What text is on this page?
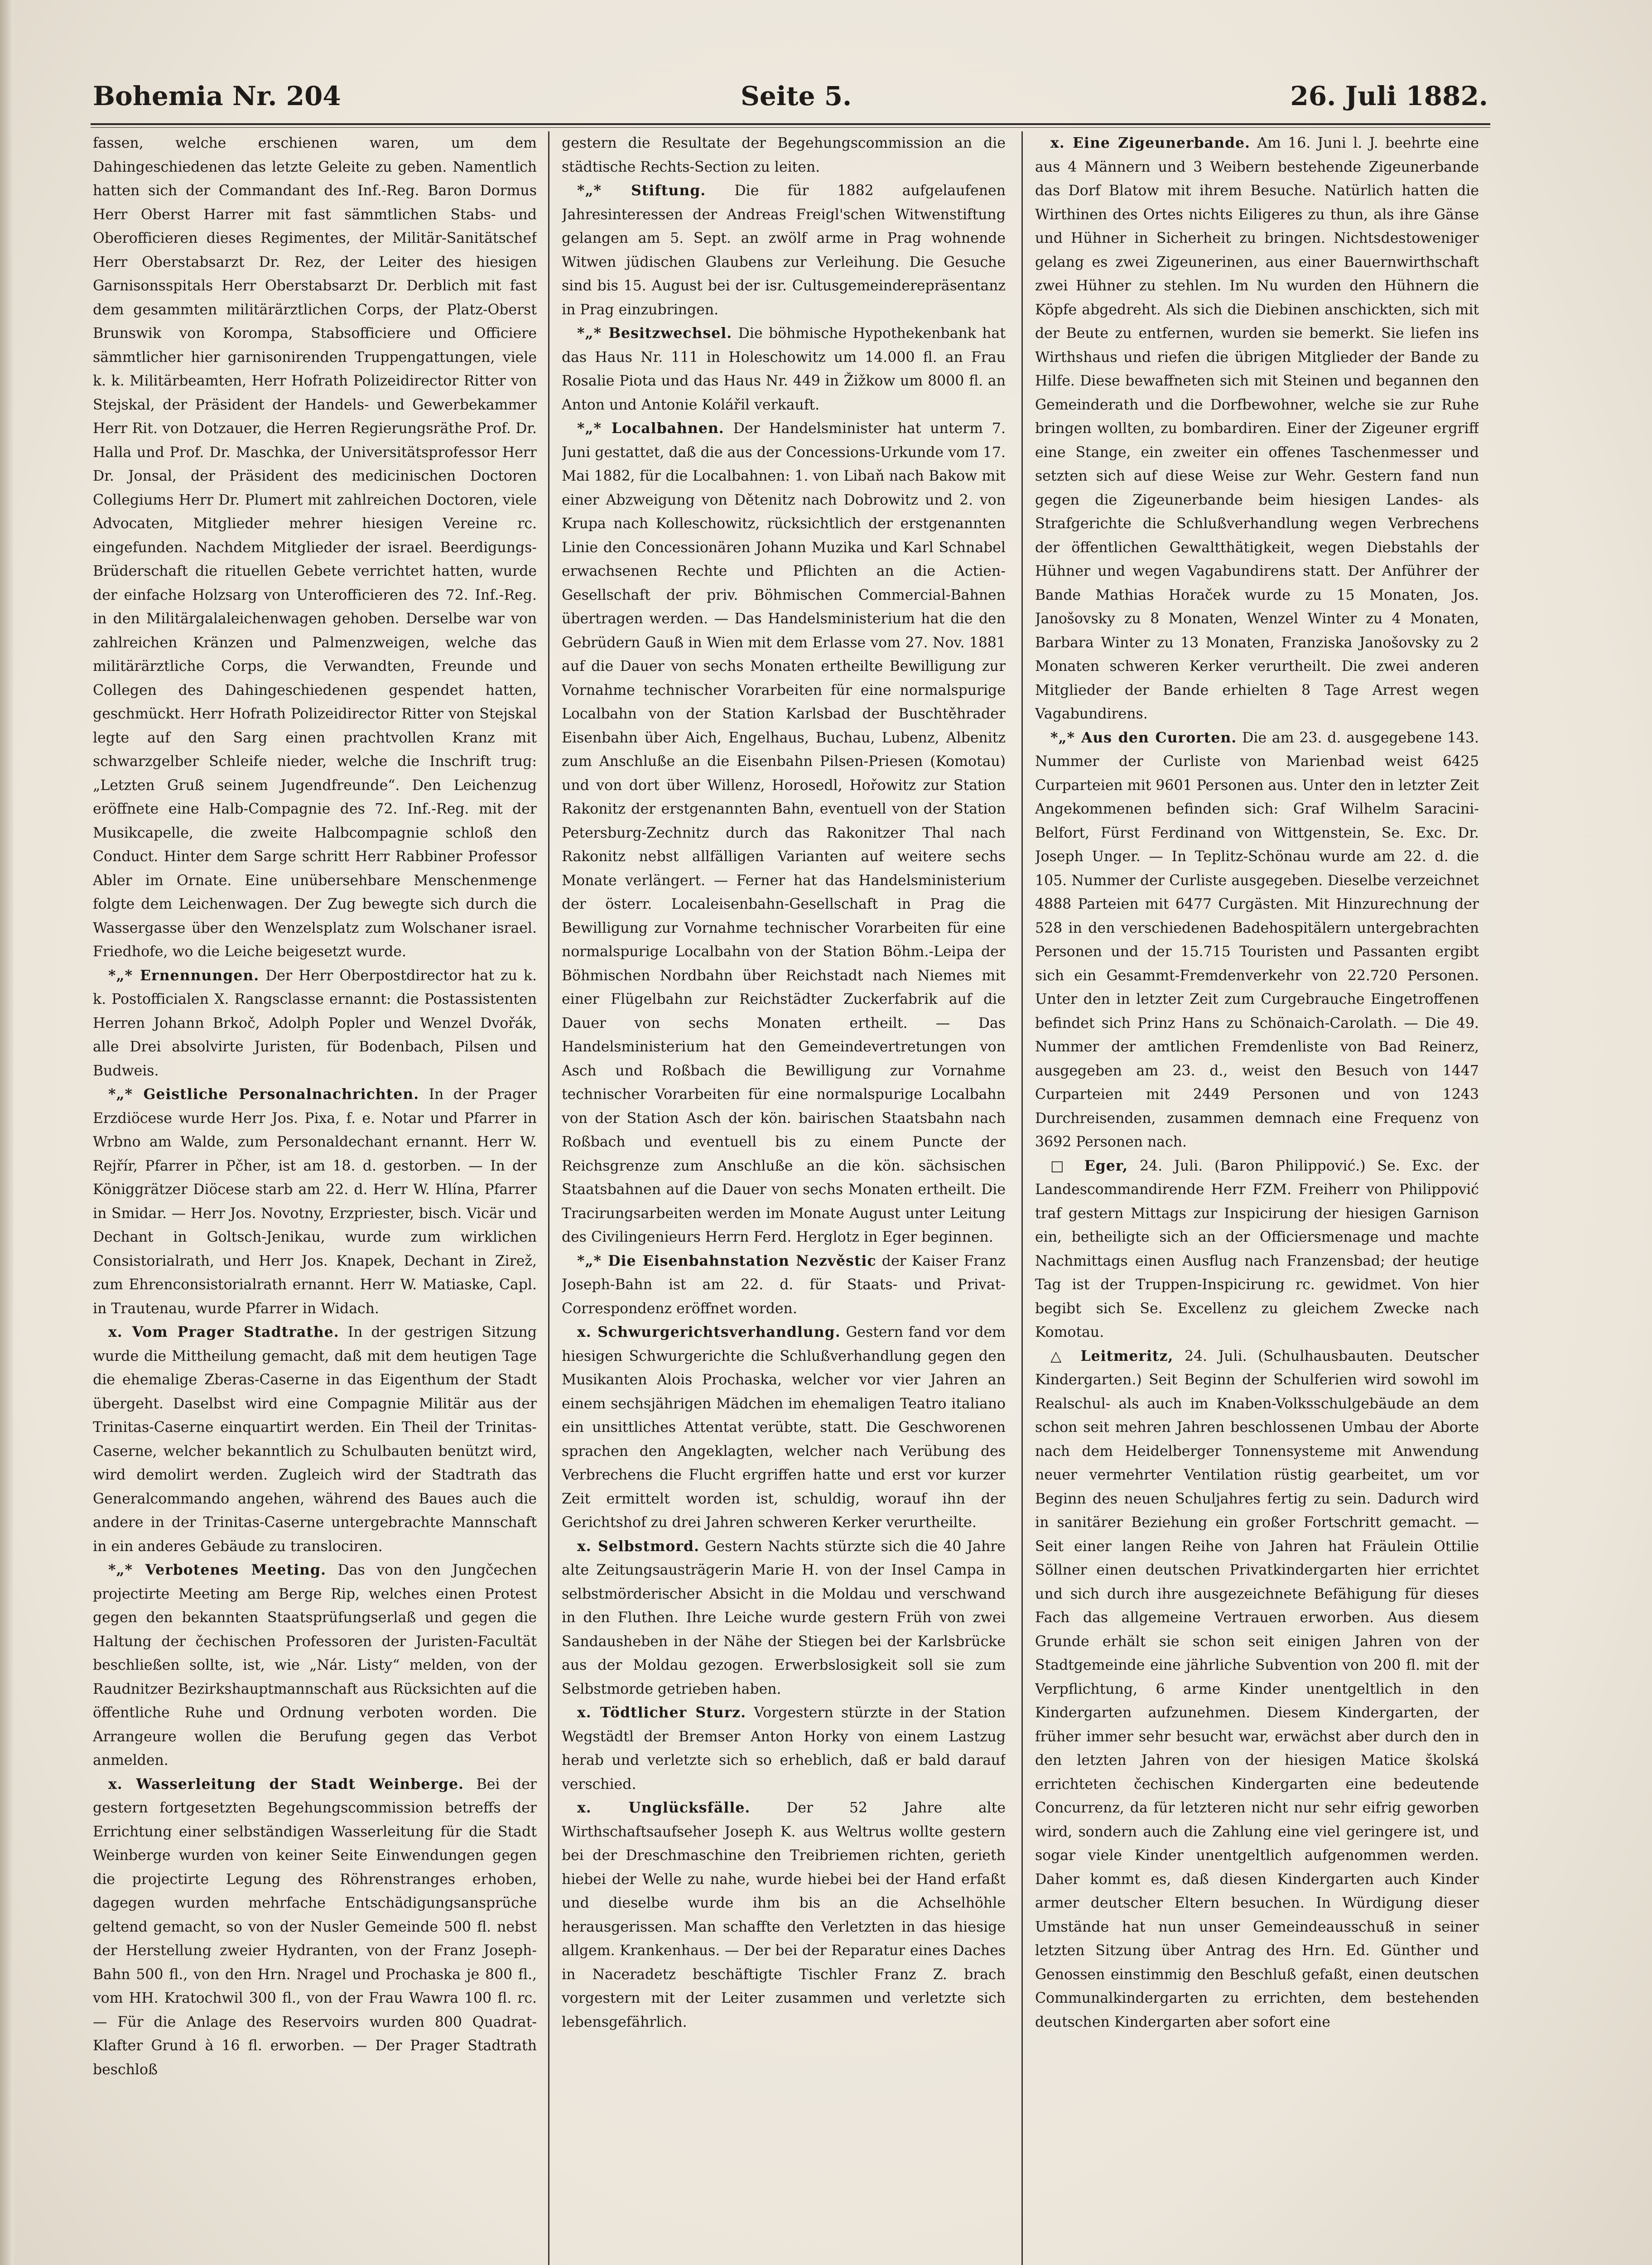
Bohemia Nr. 204	Seite 5.	26. Juli 1882.

fassen, welche erschienen waren, um dem Dahingeschiedenen das letzte Geleite zu geben. Namentlich hatten sich der Commandant des Inf.-Reg. Baron Dormus Herr Oberst Harrer mit fast sämmtlichen Stabs- und Oberofficieren dieses Regimentes, der Militär-Sanitätschef Herr Oberstabsarzt Dr. Rez, der Leiter des hiesigen Garnisonsspitals Herr Oberstabsarzt Dr. Derblich mit fast dem gesammten militärärztlichen Corps, der Platz-Oberst Brunswik von Korompa, Stabsofficiere und Officiere sämmtlicher hier garnisonirenden Truppengattungen, viele k. k. Militärbeamten, Herr Hofrath Polizeidirector Ritter von Stejskal, der Präsident der Handels- und Gewerbekammer Herr Rit. von Dotzauer, die Herren Regierungsräthe Prof. Dr. Halla und Prof. Dr. Maschka, der Universitätsprofessor Herr Dr. Jonsal, der Präsident des medicinischen Doctoren Collegiums Herr Dr. Plumert mit zahlreichen Doctoren, viele Advocaten, Mitglieder mehrer hiesigen Vereine rc. eingefunden. Nachdem Mitglieder der israel. Beerdigungs-Brüderschaft die rituellen Gebete verrichtet hatten, wurde der einfache Holzsarg von Unterofficieren des 72. Inf.-Reg. in den Militärgalaleichenwagen gehoben. Derselbe war von zahlreichen Kränzen und Palmenzweigen, welche das militärärztliche Corps, die Verwandten, Freunde und Collegen des Dahingeschiedenen gespendet hatten, geschmückt. Herr Hofrath Polizeidirector Ritter von Stejskal legte auf den Sarg einen prachtvollen Kranz mit schwarzgelber Schleife nieder, welche die Inschrift trug: „Letzten Gruß seinem Jugendfreunde“. Den Leichenzug eröffnete eine Halb-Compagnie des 72. Inf.-Reg. mit der Musikcapelle, die zweite Halbcompagnie schloß den Conduct. Hinter dem Sarge schritt Herr Rabbiner Professor Abler im Ornate. Eine unübersehbare Menschenmenge folgte dem Leichenwagen. Der Zug bewegte sich durch die Wassergasse über den Wenzelsplatz zum Wolschaner israel. Friedhofe, wo die Leiche beigesetzt wurde.

*„* Ernennungen. Der Herr Oberpostdirector hat zu k. k. Postofficialen X. Rangsclasse ernannt: die Postassistenten Herren Johann Brkoč, Adolph Popler und Wenzel Dvořák, alle Drei absolvirte Juristen, für Bodenbach, Pilsen und Budweis.

*„* Geistliche Personalnachrichten. In der Prager Erzdiöcese wurde Herr Jos. Pixa, f. e. Notar und Pfarrer in Wrbno am Walde, zum Personaldechant ernannt. Herr W. Rejřír, Pfarrer in Pčher, ist am 18. d. gestorben. — In der Königgrätzer Diöcese starb am 22. d. Herr W. Hlína, Pfarrer in Smidar. — Herr Jos. Novotny, Erzpriester, bisch. Vicär und Dechant in Goltsch-Jenikau, wurde zum wirklichen Consistorialrath, und Herr Jos. Knapek, Dechant in Zirež, zum Ehrenconsistorialrath ernannt. Herr W. Matiaske, Capl. in Trautenau, wurde Pfarrer in Widach.

x. Vom Prager Stadtrathe. In der gestrigen Sitzung wurde die Mittheilung gemacht, daß mit dem heutigen Tage die ehemalige Zberas-Caserne in das Eigenthum der Stadt übergeht. Daselbst wird eine Compagnie Militär aus der Trinitas-Caserne einquartirt werden. Ein Theil der Trinitas-Caserne, welcher bekanntlich zu Schulbauten benützt wird, wird demolirt werden. Zugleich wird der Stadtrath das Generalcommando angehen, während des Baues auch die andere in der Trinitas-Caserne untergebrachte Mannschaft in ein anderes Gebäude zu translociren.

*„* Verbotenes Meeting. Das von den Jungčechen projectirte Meeting am Berge Rip, welches einen Protest gegen den bekannten Staatsprüfungserlaß und gegen die Haltung der čechischen Professoren der Juristen-Facultät beschließen sollte, ist, wie „Nár. Listy“ melden, von der Raudnitzer Bezirkshauptmannschaft aus Rücksichten auf die öffentliche Ruhe und Ordnung verboten worden. Die Arrangeure wollen die Berufung gegen das Verbot anmelden.

x. Wasserleitung der Stadt Weinberge. Bei der gestern fortgesetzten Begehungscommission betreffs der Errichtung einer selbständigen Wasserleitung für die Stadt Weinberge wurden von keiner Seite Einwendungen gegen die projectirte Legung des Röhrenstranges erhoben, dagegen wurden mehrfache Entschädigungsansprüche geltend gemacht, so von der Nusler Gemeinde 500 fl. nebst der Herstellung zweier Hydranten, von der Franz Joseph-Bahn 500 fl., von den Hrn. Nragel und Prochaska je 800 fl., vom HH. Kratochwil 300 fl., von der Frau Wawra 100 fl. rc. — Für die Anlage des Reservoirs wurden 800 Quadrat-Klafter Grund à 16 fl. erworben. — Der Prager Stadtrath beschloß

gestern die Resultate der Begehungscommission an die städtische Rechts-Section zu leiten.

*„* Stiftung. Die für 1882 aufgelaufenen Jahresinteressen der Andreas Freigl'schen Witwenstiftung gelangen am 5. Sept. an zwölf arme in Prag wohnende Witwen jüdischen Glaubens zur Verleihung. Die Gesuche sind bis 15. August bei der isr. Cultusgemeinderepräsentanz in Prag einzubringen.

*„* Besitzwechsel. Die böhmische Hypothekenbank hat das Haus Nr. 111 in Holeschowitz um 14.000 fl. an Frau Rosalie Piota und das Haus Nr. 449 in Žižkow um 8000 fl. an Anton und Antonie Kolářil verkauft.

*„* Localbahnen. Der Handelsminister hat unterm 7. Juni gestattet, daß die aus der Concessions-Urkunde vom 17. Mai 1882, für die Localbahnen: 1. von Libaň nach Bakow mit einer Abzweigung von Dětenitz nach Dobrowitz und 2. von Krupa nach Kolleschowitz, rücksichtlich der erstgenannten Linie den Concessionären Johann Muzika und Karl Schnabel erwachsenen Rechte und Pflichten an die Actien-Gesellschaft der priv. Böhmischen Commercial-Bahnen übertragen werden. — Das Handelsministerium hat die den Gebrüdern Gauß in Wien mit dem Erlasse vom 27. Nov. 1881 auf die Dauer von sechs Monaten ertheilte Bewilligung zur Vornahme technischer Vorarbeiten für eine normalspurige Localbahn von der Station Karlsbad der Buschtěhrader Eisenbahn über Aich, Engelhaus, Buchau, Lubenz, Albenitz zum Anschluße an die Eisenbahn Pilsen-Priesen (Komotau) und von dort über Willenz, Horosedl, Hořowitz zur Station Rakonitz der erstgenannten Bahn, eventuell von der Station Petersburg-Zechnitz durch das Rakonitzer Thal nach Rakonitz nebst allfälligen Varianten auf weitere sechs Monate verlängert. — Ferner hat das Handelsministerium der österr. Localeisenbahn-Gesellschaft in Prag die Bewilligung zur Vornahme technischer Vorarbeiten für eine normalspurige Localbahn von der Station Böhm.-Leipa der Böhmischen Nordbahn über Reichstadt nach Niemes mit einer Flügelbahn zur Reichstädter Zuckerfabrik auf die Dauer von sechs Monaten ertheilt. — Das Handelsministerium hat den Gemeindevertretungen von Asch und Roßbach die Bewilligung zur Vornahme technischer Vorarbeiten für eine normalspurige Localbahn von der Station Asch der kön. bairischen Staatsbahn nach Roßbach und eventuell bis zu einem Puncte der Reichsgrenze zum Anschluße an die kön. sächsischen Staatsbahnen auf die Dauer von sechs Monaten ertheilt. Die Tracirungsarbeiten werden im Monate August unter Leitung des Civilingenieurs Herrn Ferd. Herglotz in Eger beginnen.

*„* Die Eisenbahnstation Nezvěstic der Kaiser Franz Joseph-Bahn ist am 22. d. für Staats- und Privat-Correspondenz eröffnet worden.

x. Schwurgerichtsverhandlung. Gestern fand vor dem hiesigen Schwurgerichte die Schlußverhandlung gegen den Musikanten Alois Prochaska, welcher vor vier Jahren an einem sechsjährigen Mädchen im ehemaligen Teatro italiano ein unsittliches Attentat verübte, statt. Die Geschworenen sprachen den Angeklagten, welcher nach Verübung des Verbrechens die Flucht ergriffen hatte und erst vor kurzer Zeit ermittelt worden ist, schuldig, worauf ihn der Gerichtshof zu drei Jahren schweren Kerker verurtheilte.

x. Selbstmord. Gestern Nachts stürzte sich die 40 Jahre alte Zeitungsausträgerin Marie H. von der Insel Campa in selbstmörderischer Absicht in die Moldau und verschwand in den Fluthen. Ihre Leiche wurde gestern Früh von zwei Sandausheben in der Nähe der Stiegen bei der Karlsbrücke aus der Moldau gezogen. Erwerbslosigkeit soll sie zum Selbstmorde getrieben haben.

x. Tödtlicher Sturz. Vorgestern stürzte in der Station Wegstädtl der Bremser Anton Horky von einem Lastzug herab und verletzte sich so erheblich, daß er bald darauf verschied.

x. Unglücksfälle.	Der 52 Jahre alte Wirthschaftsaufseher Joseph K. aus Weltrus wollte gestern bei der Dreschmaschine den Treibriemen richten, gerieth hiebei der Welle zu nahe, wurde hiebei bei der Hand erfaßt und dieselbe wurde ihm bis an die Achselhöhle herausgerissen. Man schaffte den Verletzten in das hiesige allgem. Krankenhaus. — Der bei der Reparatur eines Daches in Naceradetz beschäftigte Tischler Franz Z. brach vorgestern mit der Leiter zusammen und verletzte sich lebensgefährlich.

x. Eine Zigeunerbande. Am 16. Juni l. J. beehrte eine aus 4 Männern und 3 Weibern bestehende Zigeunerbande das Dorf Blatow mit ihrem Besuche. Natürlich hatten die Wirthinen des Ortes nichts Eiligeres zu thun, als ihre Gänse und Hühner in Sicherheit zu bringen. Nichtsdestoweniger gelang es zwei Zigeunerinen, aus einer Bauernwirthschaft zwei Hühner zu stehlen. Im Nu wurden den Hühnern die Köpfe abgedreht. Als sich die Diebinen anschickten, sich mit der Beute zu entfernen, wurden sie bemerkt. Sie liefen ins Wirthshaus und riefen die übrigen Mitglieder der Bande zu Hilfe. Diese bewaffneten sich mit Steinen und begannen den Gemeinderath und die Dorfbewohner, welche sie zur Ruhe bringen wollten, zu bombardiren. Einer der Zigeuner ergriff eine Stange, ein zweiter ein offenes Taschenmesser und setzten sich auf diese Weise zur Wehr. Gestern fand nun gegen die Zigeunerbande beim hiesigen Landes- als Strafgerichte die Schlußverhandlung wegen Verbrechens der öffentlichen Gewaltthätigkeit, wegen Diebstahls der Hühner und wegen Vagabundirens statt. Der Anführer der Bande Mathias Horaček wurde zu 15 Monaten, Jos. Janošovsky zu 8 Monaten, Wenzel Winter zu 4 Monaten, Barbara Winter zu 13 Monaten, Franziska Janošovsky zu 2 Monaten schweren Kerker verurtheilt. Die zwei anderen Mitglieder der Bande erhielten 8 Tage Arrest wegen Vagabundirens.

*„* Aus den Curorten. Die am 23. d. ausgegebene 143. Nummer der Curliste von Marienbad weist 6425 Curparteien mit 9601 Personen aus. Unter den in letzter Zeit Angekommenen befinden sich: Graf Wilhelm Saracini-Belfort, Fürst Ferdinand von Wittgenstein, Se. Exc. Dr. Joseph Unger. — In Teplitz-Schönau wurde am 22. d. die 105. Nummer der Curliste ausgegeben. Dieselbe verzeichnet 4888 Parteien mit 6477 Curgästen. Mit Hinzurechnung der 528 in den verschiedenen Badehospitälern untergebrachten Personen und der 15.715 Touristen und Passanten ergibt sich ein Gesammt-Fremdenverkehr von 22.720 Personen. Unter den in letzter Zeit zum Curgebrauche Eingetroffenen befindet sich Prinz Hans zu Schönaich-Carolath. — Die 49. Nummer der amtlichen Fremdenliste von Bad Reinerz, ausgegeben am 23. d., weist den Besuch von 1447 Curparteien mit 2449 Personen und von 1243 Durchreisenden, zusammen demnach eine Frequenz von 3692 Personen nach.

□ Eger, 24. Juli. (Baron Philippović.) Se. Exc. der Landescommandirende Herr FZM. Freiherr von Philippović traf gestern Mittags zur Inspicirung der hiesigen Garnison ein, betheiligte sich an der Officiersmenage und machte Nachmittags einen Ausflug nach Franzensbad; der heutige Tag ist der Truppen-Inspicirung rc. gewidmet. Von hier begibt sich Se. Excellenz zu gleichem Zwecke nach Komotau.

△ Leitmeritz, 24. Juli. (Schulhausbauten. Deutscher Kindergarten.) Seit Beginn der Schulferien wird sowohl im Realschul- als auch im Knaben-Volksschulgebäude an dem schon seit mehren Jahren beschlossenen Umbau der Aborte nach dem Heidelberger Tonnensysteme mit Anwendung neuer vermehrter Ventilation rüstig gearbeitet, um vor Beginn des neuen Schuljahres fertig zu sein. Dadurch wird in sanitärer Beziehung ein großer Fortschritt gemacht. — Seit einer langen Reihe von Jahren hat Fräulein Ottilie Söllner einen deutschen Privatkindergarten hier errichtet und sich durch ihre ausgezeichnete Befähigung für dieses Fach das allgemeine Vertrauen erworben. Aus diesem Grunde erhält sie schon seit einigen Jahren von der Stadtgemeinde eine jährliche Subvention von 200 fl. mit der Verpflichtung, 6 arme Kinder unentgeltlich in den Kindergarten aufzunehmen. Diesem Kindergarten, der früher immer sehr besucht war, erwächst aber durch den in den letzten Jahren von der hiesigen Matice školská errichteten čechischen Kindergarten eine bedeutende Concurrenz, da für letzteren nicht nur sehr eifrig geworben wird, sondern auch die Zahlung eine viel geringere ist, und sogar viele Kinder unentgeltlich aufgenommen werden. Daher kommt es, daß diesen Kindergarten auch Kinder armer deutscher Eltern besuchen. In Würdigung dieser Umstände hat nun unser Gemeindeausschuß in seiner letzten Sitzung über Antrag des Hrn. Ed. Günther und Genossen einstimmig den Beschluß gefaßt, einen deutschen Communalkindergarten zu errichten, dem bestehenden deutschen Kindergarten aber sofort eine
